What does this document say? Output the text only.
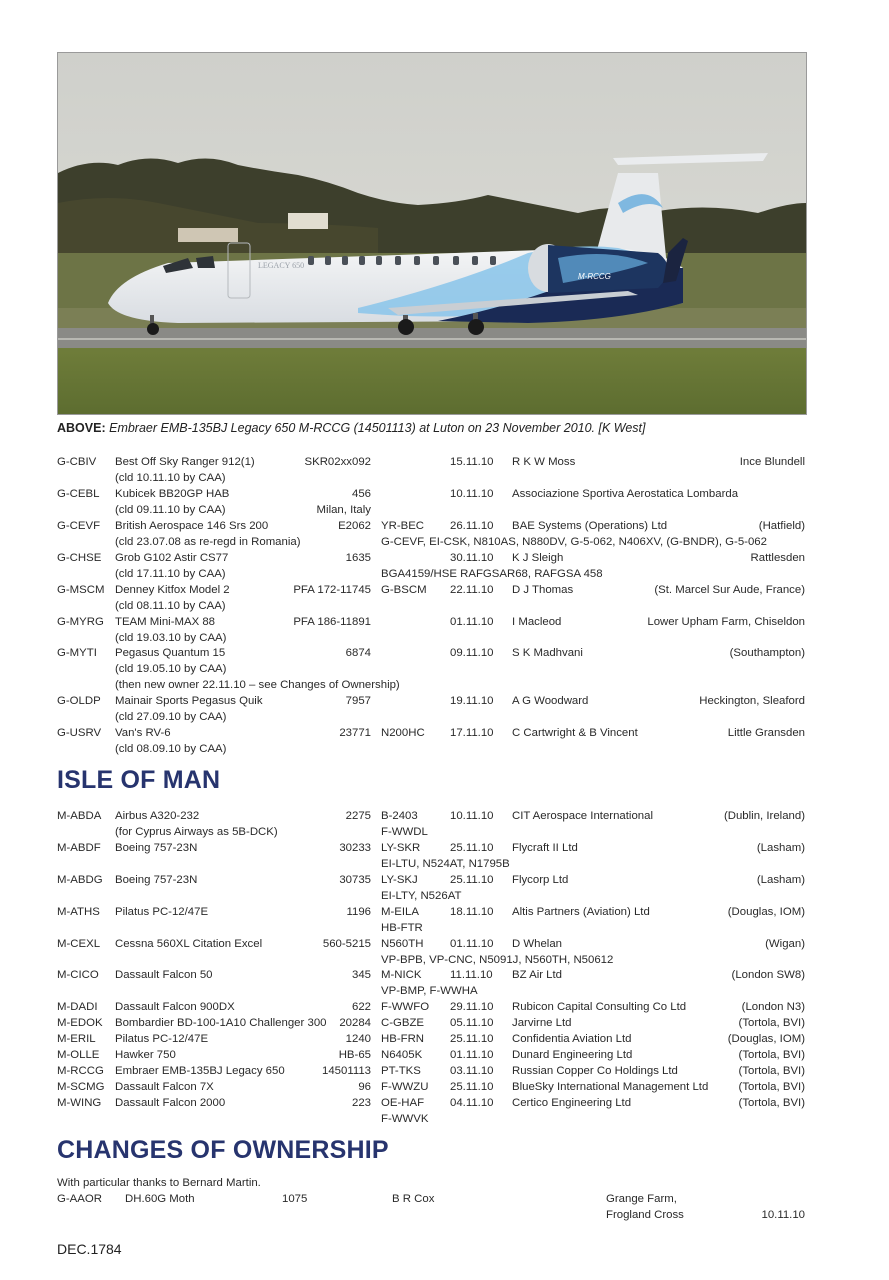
LEGACY 650
M-RCCG
ABOVE: Embraer EMB-135BJ Legacy 650 M-RCCG (14501113) at Luton on 23 November 2010. [K West]
G-CBIV Best Off Sky Ranger 912(1)	SKR02xx092	15.11.10 R K W Moss	Ince Blundell
(cld 10.11.10 by CAA)
G-CEBL Kubicek BB20GP HAB	456	10.11.10 Associazione Sportiva Aerostatica Lombarda
(cld 09.11.10 by CAA)	Milan, Italy
G-CEVF British Aerospace 146 Srs 200	E2062 YR-BEC 26.11.10 BAE Systems (Operations) Ltd	(Hatfield)
(cld 23.07.08 as re-regd in Romania)	G-CEVF, EI-CSK, N810AS, N880DV, G-5-062, N406XV, (G-BNDR), G-5-062
G-CHSE Grob G102 Astir CS77	1635	30.11.10 K J Sleigh	Rattlesden
(cld 17.11.10 by CAA)	BGA4159/HSE RAFGSAR68, RAFGSA 458
G-MSCM Denney Kitfox Model 2	PFA 172-11745 G-BSCM 22.11.10 D J Thomas	(St. Marcel Sur Aude, France)
(cld 08.11.10 by CAA)
G-MYRG TEAM Mini-MAX 88	PFA 186-11891	01.11.10 I Macleod	Lower Upham Farm, Chiseldon
(cld 19.03.10 by CAA)
G-MYTI Pegasus Quantum 15	6874	09.11.10 S K Madhvani	(Southampton)
(cld 19.05.10 by CAA)
(then new owner 22.11.10 – see Changes of Ownership)
G-OLDP Mainair Sports Pegasus Quik	7957	19.11.10 A G Woodward	Heckington, Sleaford
(cld 27.09.10 by CAA)
G-USRV Van's RV-6	23771 N200HC 17.11.10 C Cartwright & B Vincent	Little Gransden
(cld 08.09.10 by CAA)
ISLE OF MAN
M-ABDA Airbus A320-232	2275 B-2403	10.11.10 CIT Aerospace International	(Dublin, Ireland)
(for Cyprus Airways as 5B-DCK)	F-WWDL
M-ABDF Boeing 757-23N	30233 LY-SKR	25.11.10 Flycraft II Ltd	(Lasham)
EI-LTU, N524AT, N1795B
M-ABDG Boeing 757-23N	30735 LY-SKJ	25.11.10 Flycorp Ltd	(Lasham)
EI-LTY, N526AT
M-ATHS Pilatus PC-12/47E	1196 M-EILA	18.11.10 Altis Partners (Aviation) Ltd	(Douglas, IOM)
HB-FTR
M-CEXL Cessna 560XL Citation Excel	560-5215 N560TH 01.11.10 D Whelan	(Wigan)
VP-BPB, VP-CNC, N5091J, N560TH, N50612
M-CICO Dassault Falcon 50	345 M-NICK	11.11.10 BZ Air Ltd	(London SW8)
VP-BMP, F-WWHA
M-DADI Dassault Falcon 900DX	622 F-WWFO 29.11.10 Rubicon Capital Consulting Co Ltd	(London N3)
M-EDOK Bombardier BD-100-1A10 Challenger 300 20284 C-GBZE 05.11.10 Jarvirne Ltd	(Tortola, BVI)
M-ERIL Pilatus PC-12/47E	1240 HB-FRN 25.11.10 Confidentia Aviation Ltd	(Douglas, IOM)
M-OLLE Hawker 750	HB-65 N6405K 01.11.10 Dunard Engineering Ltd	(Tortola, BVI)
M-RCCG Embraer EMB-135BJ Legacy 650	14501113 PT-TKS	03.11.10 Russian Copper Co Holdings Ltd	(Tortola, BVI)
M-SCMG Dassault Falcon 7X	96 F-WWZU 25.11.10 BlueSky International Management Ltd	(Tortola, BVI)
M-WING Dassault Falcon 2000	223 OE-HAF 04.11.10 Certico Engineering Ltd	(Tortola, BVI)
F-WWVK
CHANGES OF OWNERSHIP
With particular thanks to Bernard Martin.
G-AAOR DH.60G Moth	1075	B R Cox	Grange Farm,
Frogland Cross	10.11.10
DEC.1784
